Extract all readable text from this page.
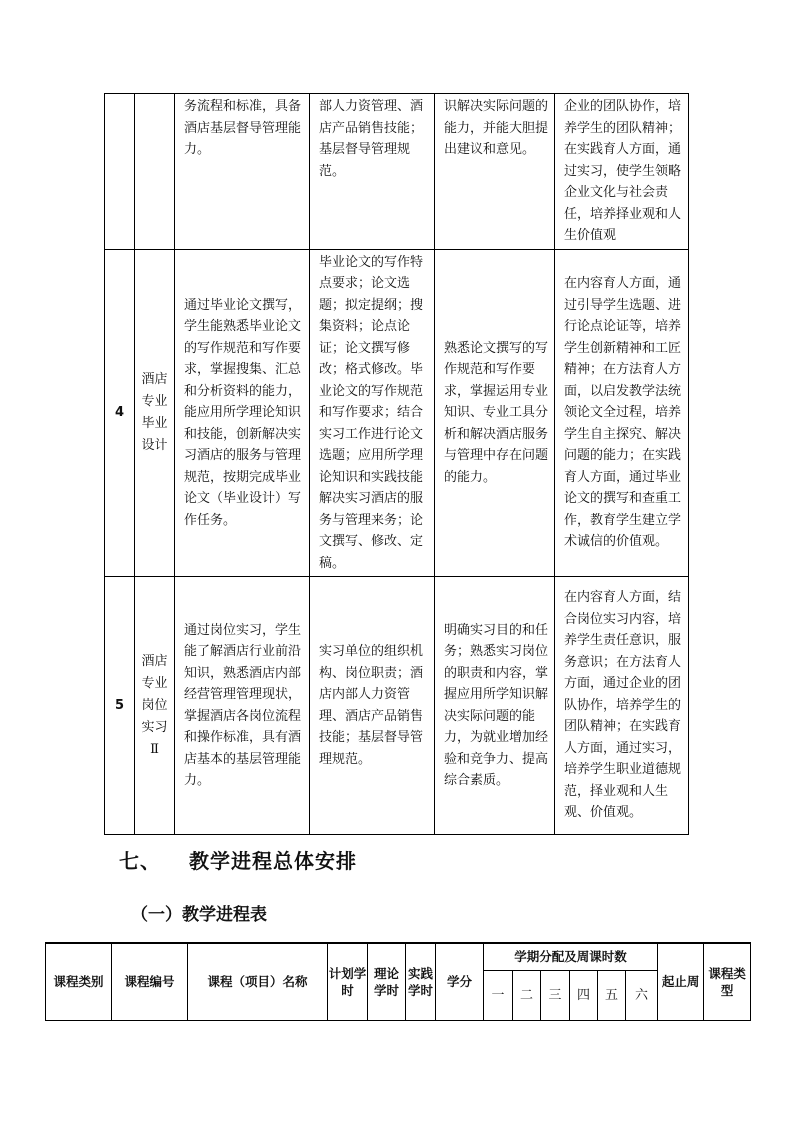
		务流程和标准，具备酒店基层督导管理能力。	部人力资管理、酒店产品销售技能；基层督导管理规范。	识解决实际问题的能力，并能大胆提出建议和意见。	企业的团队协作，培养学生的团队精神；在实践育人方面，通过实习，使学生领略企业文化与社会责任，培养择业观和人生价值观

4	酒店专业毕业设计	通过毕业论文撰写，学生能熟悉毕业论文的写作规范和写作要求，掌握搜集、汇总和分析资料的能力，能应用所学理论知识和技能，创新解决实习酒店的服务与管理规范，按期完成毕业论文（毕业设计）写作任务。	毕业论文的写作特点要求；论文选题；拟定提纲；搜集资料；论点论证；论文撰写修改；格式修改。毕业论文的写作规范和写作要求；结合实习工作进行论文选题；应用所学理论知识和实践技能解决实习酒店的服务与管理来务；论文撰写、修改、定稿。	熟悉论文撰写的写作规范和写作要求，掌握运用专业知识、专业工具分析和解决酒店服务与管理中存在问题的能力。	在内容育人方面，通过引导学生选题、进行论点论证等，培养学生创新精神和工匠精神；在方法育人方面，以启发教学法统领论文全过程，培养学生自主探究、解决问题的能力；在实践育人方面，通过毕业论文的撰写和查重工作，教育学生建立学术诚信的价值观。

5	酒店专业岗位实习Ⅱ	通过岗位实习，学生能了解酒店行业前沿知识，熟悉酒店内部经营管理管理现状，掌握酒店各岗位流程和操作标准，具有酒店基本的基层管理能力。	实习单位的组织机构、岗位职责；酒店内部人力资管理、酒店产品销售技能；基层督导管理规范。	明确实习目的和任务；熟悉实习岗位的职责和内容，掌握应用所学知识解决实际问题的能力，为就业增加经验和竞争力、提高综合素质。	在内容育人方面，结合岗位实习内容，培养学生责任意识，服务意识；在方法育人方面，通过企业的团队协作，培养学生的团队精神；在实践育人方面，通过实习，培养学生职业道德规范，择业观和人生观、价值观。
七、 教学进程总体安排
（一）教学进程表
课程类别	课程编号	课程（项目）名称	计划学时	理论学时	实践学时	学分	学期分配及周课时数						起止周	课程类型
							一	二	三	四	五	六		
